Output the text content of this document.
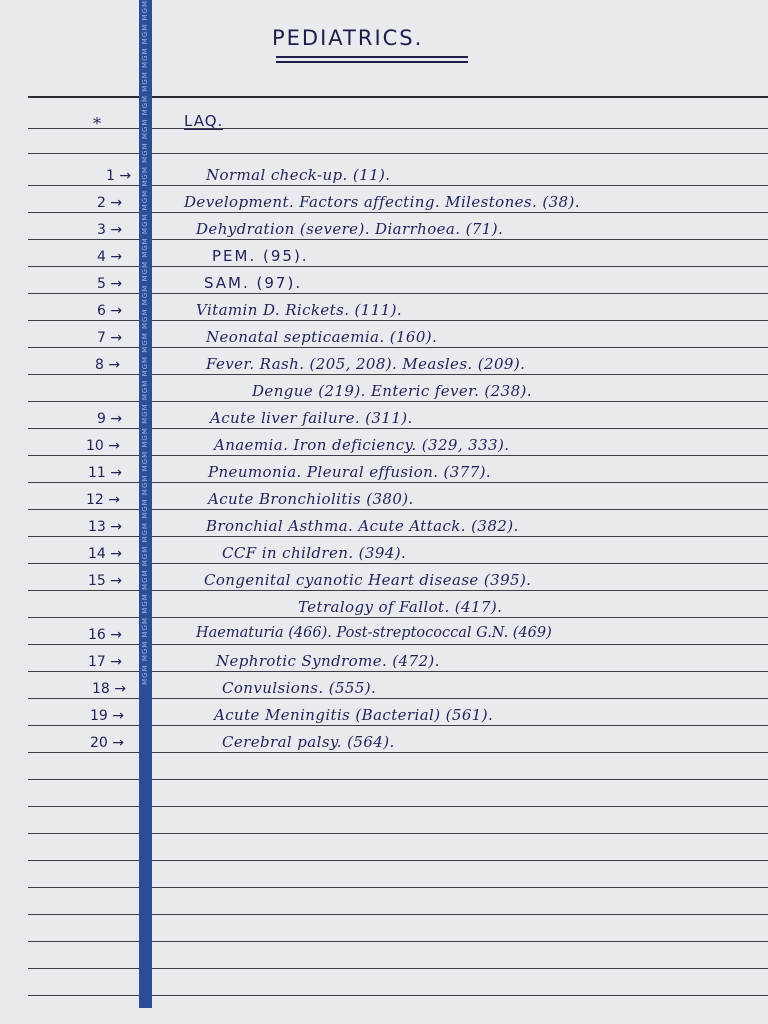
MGM MGM MGM MGM MGM MGM MGM MGM MGM MGM MGM MGM MGM MGM MGM MGM MGM MGM MGM MGM MGM MGM MGM MGM MGM MGM MGM MGM MGM	PEDIATRICS.
*	LAQ.
1 →	Normal check-up. (11).
2 →	Development. Factors affecting. Milestones. (38).
3 →	Dehydration (severe). Diarrhoea. (71).
4 →	PEM. (95).
5 →	SAM. (97).
6 →	Vitamin D. Rickets. (111).
7 →	Neonatal septicaemia. (160).
8 →	Fever. Rash. (205, 208). Measles. (209).
Dengue (219). Enteric fever. (238).
9 →	Acute liver failure. (311).
10 →	Anaemia. Iron deficiency. (329, 333).
11 →	Pneumonia. Pleural effusion. (377).
12 →	Acute Bronchiolitis (380).
13 →	Bronchial Asthma. Acute Attack. (382).
14 →	CCF in children. (394).
15 →	Congenital cyanotic Heart disease (395).
Tetralogy of Fallot. (417).
16 →	Haematuria (466). Post-streptococcal G.N. (469)
17 →	Nephrotic Syndrome. (472).
18 →	Convulsions. (555).
19 →	Acute Meningitis (Bacterial) (561).
20 →	Cerebral palsy. (564).
